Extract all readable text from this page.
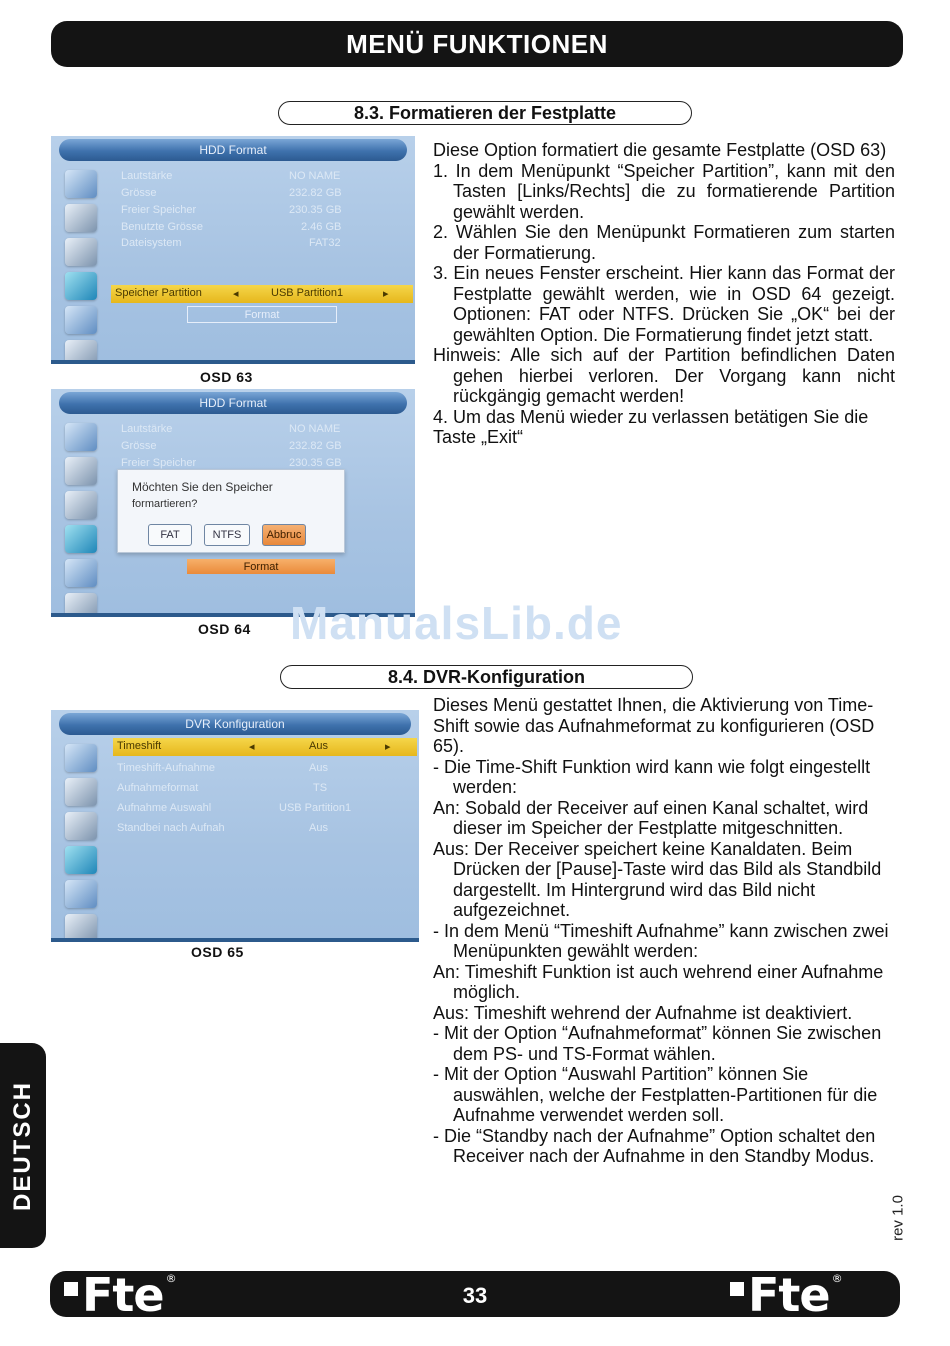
MENÜ FUNKTIONEN
8.3. Formatieren der Festplatte
HDD Format
Lautstärke	NO NAME
Grösse	232.82 GB
Freier Speicher	230.35 GB
Benutzte Grösse	2.46 GB
Dateisystem	FAT32
Speicher Partition	◂	USB Partition1	▸
Format
OSD 63
HDD Format
Lautstärke	NO NAME
Grösse	232.82 GB
Freier Speicher	230.35 GB
Möchten Sie den Speicher
formartieren?
FAT	NTFS Abbruc
Format
OSD 64

Diese Option formatiert die gesamte Festplatte (OSD 63)

1. In dem Menüpunkt “Speicher Partition”, kann mit den Tasten [Links/Rechts] die zu formatierende Partition gewählt werden.

2. Wählen Sie den Menüpunkt Formatieren zum starten der Formatierung.

3. Ein neues Fenster erscheint. Hier kann das Format der Festplatte gewählt werden, wie in OSD 64 gezeigt. Optionen: FAT oder NTFS. Drücken Sie „OK“ bei der gewählten Option. Die Formatierung findet jetzt statt.

Hinweis: Alle sich auf der Partition befindlichen Daten gehen hierbei verloren. Der Vorgang kann nicht rückgängig gemacht werden!

4. Um das Menü wieder zu verlassen betätigen Sie die Taste „Exit“

ManualsLib.de
8.4. DVR-Konfiguration
DVR Konfiguration
Timeshift	◂	Aus	▸
Timeshift-Aufnahme	Aus
Aufnahmeformat	TS
Aufnahme Auswahl	USB Partition1
Standbei nach Aufnah	Aus
OSD 65

Dieses Menü gestattet Ihnen, die Aktivierung von Time-Shift sowie das Aufnahmeformat zu konfigurieren (OSD 65).

- Die Time-Shift Funktion wird kann wie folgt eingestellt werden:

An: Sobald der Receiver auf einen Kanal schaltet, wird dieser im Speicher der Festplatte mitgeschnitten.

Aus: Der Receiver speichert keine Kanaldaten. Beim Drücken der [Pause]-Taste wird das Bild als Standbild dargestellt. Im Hintergrund wird das Bild nicht aufgezeichnet.

- In dem Menü “Timeshift Aufnahme” kann zwischen zwei Menüpunkten gewählt werden:

An: Timeshift Funktion ist auch wehrend einer Aufnahme möglich.

Aus: Timeshift wehrend der Aufnahme ist deaktiviert.

- Mit der Option “Aufnahmeformat” können Sie zwischen dem PS- und TS-Format wählen.

- Mit der Option “Auswahl Partition” können Sie auswählen, welche der Festplatten-Partitionen für die Aufnahme verwendet werden soll.

- Die “Standby nach der Aufnahme” Option schaltet den Receiver nach der Aufnahme in den Standby Modus.

DEUTSCH
rev 1.0
Fte®
33	Fte®
